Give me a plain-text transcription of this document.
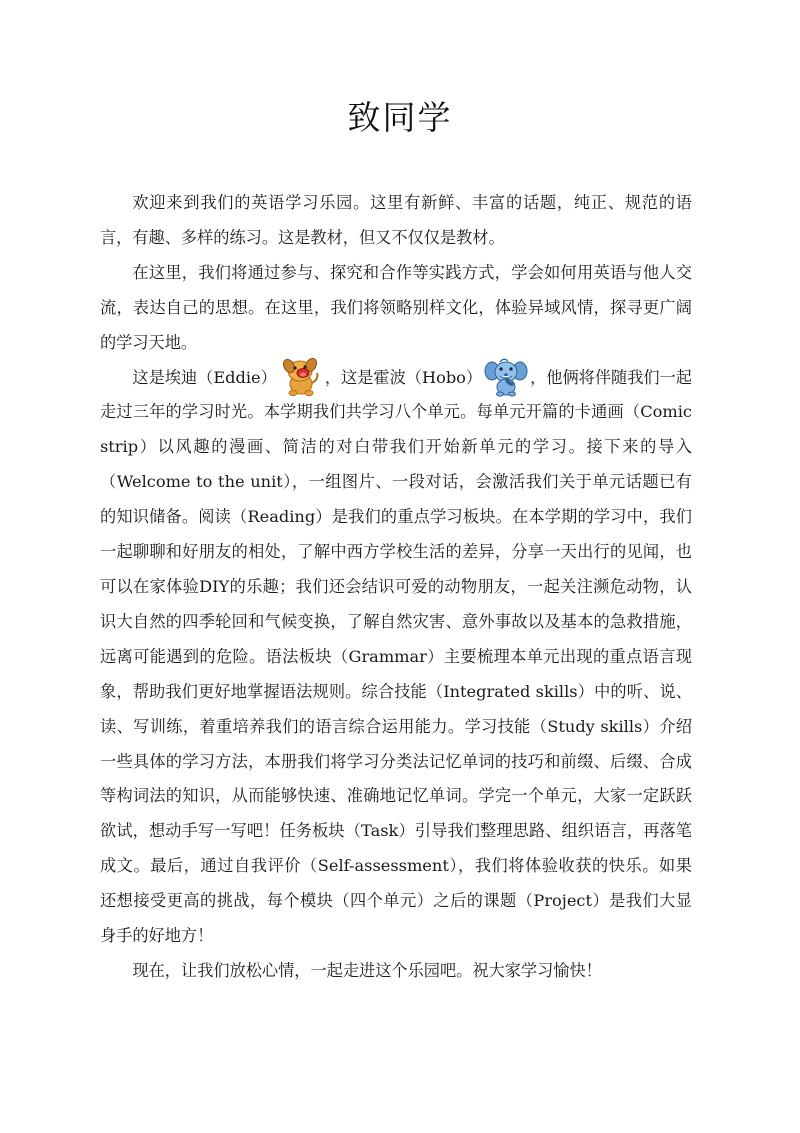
致同学

欢迎来到我们的英语学习乐园。这里有新鲜、丰富的话题，纯正、规范的语言，有趣、多样的练习。这是教材，但又不仅仅是教材。

在这里，我们将通过参与、探究和合作等实践方式，学会如何用英语与他人交流，表达自己的思想。在这里，我们将领略别样文化，体验异域风情，探寻更广阔的学习天地。

这是埃迪（Eddie）	，这是霍波（Hobo）	，他俩将伴随我们一起走过三年的学习时光。本学期我们共学习八个单元。每单元开篇的卡通画（Comic strip）以风趣的漫画、简洁的对白带我们开始新单元的学习。接下来的导入（Welcome to the unit），一组图片、一段对话，会激活我们关于单元话题已有的知识储备。阅读（Reading）是我们的重点学习板块。在本学期的学习中，我们一起聊聊和好朋友的相处，了解中西方学校生活的差异，分享一天出行的见闻，也可以在家体验DIY的乐趣；我们还会结识可爱的动物朋友，一起关注濒危动物，认识大自然的四季轮回和气候变换，了解自然灾害、意外事故以及基本的急救措施，远离可能遇到的危险。语法板块（Grammar）主要梳理本单元出现的重点语言现象，帮助我们更好地掌握语法规则。综合技能（Integrated skills）中的听、说、读、写训练，着重培养我们的语言综合运用能力。学习技能（Study skills）介绍一些具体的学习方法，本册我们将学习分类法记忆单词的技巧和前缀、后缀、合成等构词法的知识，从而能够快速、准确地记忆单词。学完一个单元，大家一定跃跃欲试，想动手写一写吧！任务板块（Task）引导我们整理思路、组织语言，再落笔成文。最后，通过自我评价（Self-assessment），我们将体验收获的快乐。如果还想接受更高的挑战，每个模块（四个单元）之后的课题（Project）是我们大显身手的好地方！

现在，让我们放松心情，一起走进这个乐园吧。祝大家学习愉快！
